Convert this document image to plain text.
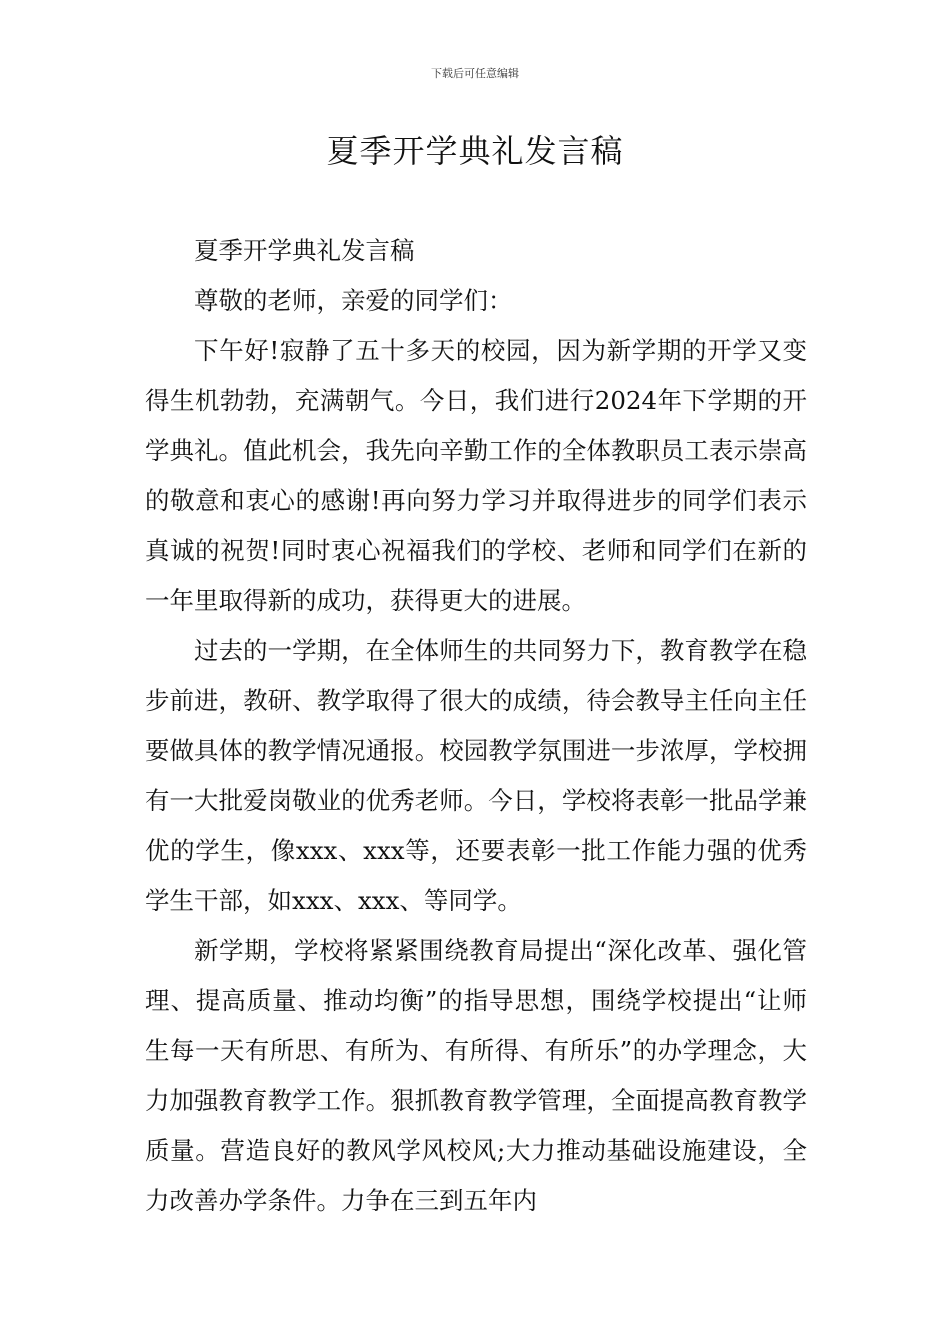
下载后可任意编辑
夏季开学典礼发言稿

夏季开学典礼发言稿

尊敬的老师，亲爱的同学们：

下午好!寂静了五十多天的校园，因为新学期的开学又变得生机勃勃，充满朝气。今日，我们进行2024年下学期的开学典礼。值此机会，我先向辛勤工作的全体教职员工表示崇高的敬意和衷心的感谢!再向努力学习并取得进步的同学们表示真诚的祝贺!同时衷心祝福我们的学校、老师和同学们在新的一年里取得新的成功，获得更大的进展。

过去的一学期，在全体师生的共同努力下，教育教学在稳步前进，教研、教学取得了很大的成绩，待会教导主任向主任要做具体的教学情况通报。校园教学氛围进一步浓厚，学校拥有一大批爱岗敬业的优秀老师。今日，学校将表彰一批品学兼优的学生，像xxx、xxx等，还要表彰一批工作能力强的优秀学生干部，如xxx、xxx、等同学。

新学期，学校将紧紧围绕教育局提出“深化改革、强化管理、提高质量、推动均衡”的指导思想，围绕学校提出“让师生每一天有所思、有所为、有所得、有所乐”的办学理念，大力加强教育教学工作。狠抓教育教学管理，全面提高教育教学质量。营造良好的教风学风校风;大力推动基础设施建设，全力改善办学条件。力争在三到五年内
